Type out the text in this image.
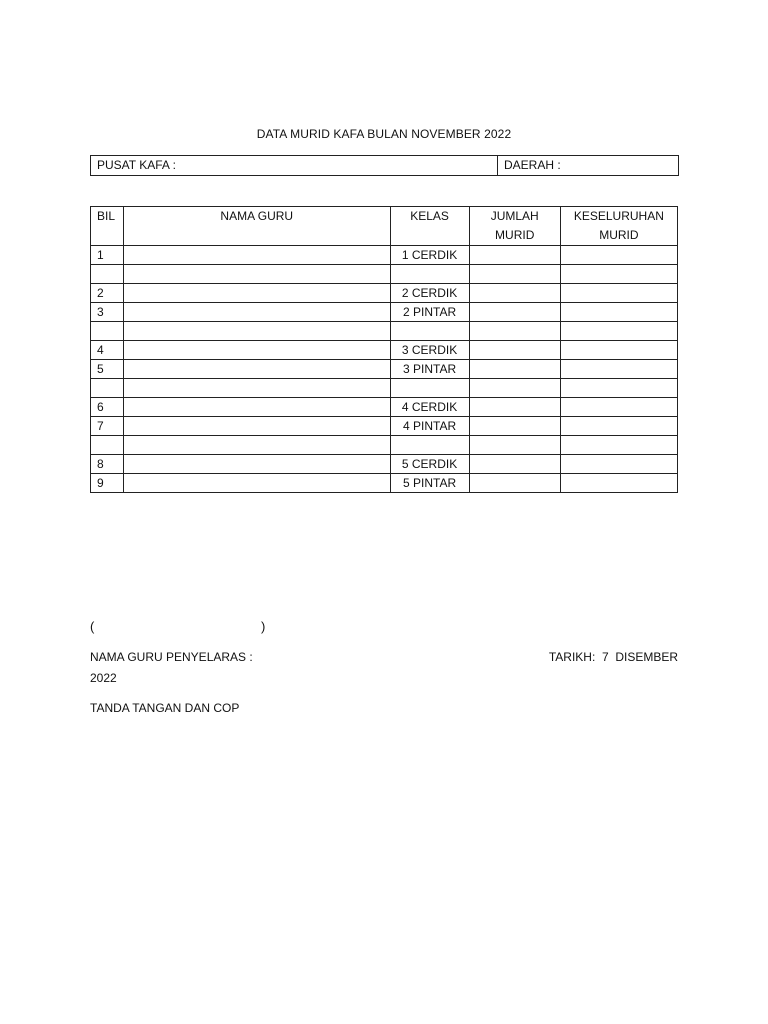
DATA MURID KAFA BULAN NOVEMBER 2022
PUSAT KAFA :	DAERAH :
BIL	NAMA GURU	KELAS	JUMLAH MURID	KESELURUHAN MURID
1		1 CERDIK		

2		2 CERDIK		
3		2 PINTAR		

4		3 CERDIK		
5		3 PINTAR		

6		4 CERDIK		
7		4 PINTAR		

8		5 CERDIK		
9		5 PINTAR		
(	)
NAMA GURU PENYELARAS :	TARIKH:  7  DISEMBER
2022
TANDA TANGAN DAN COP
